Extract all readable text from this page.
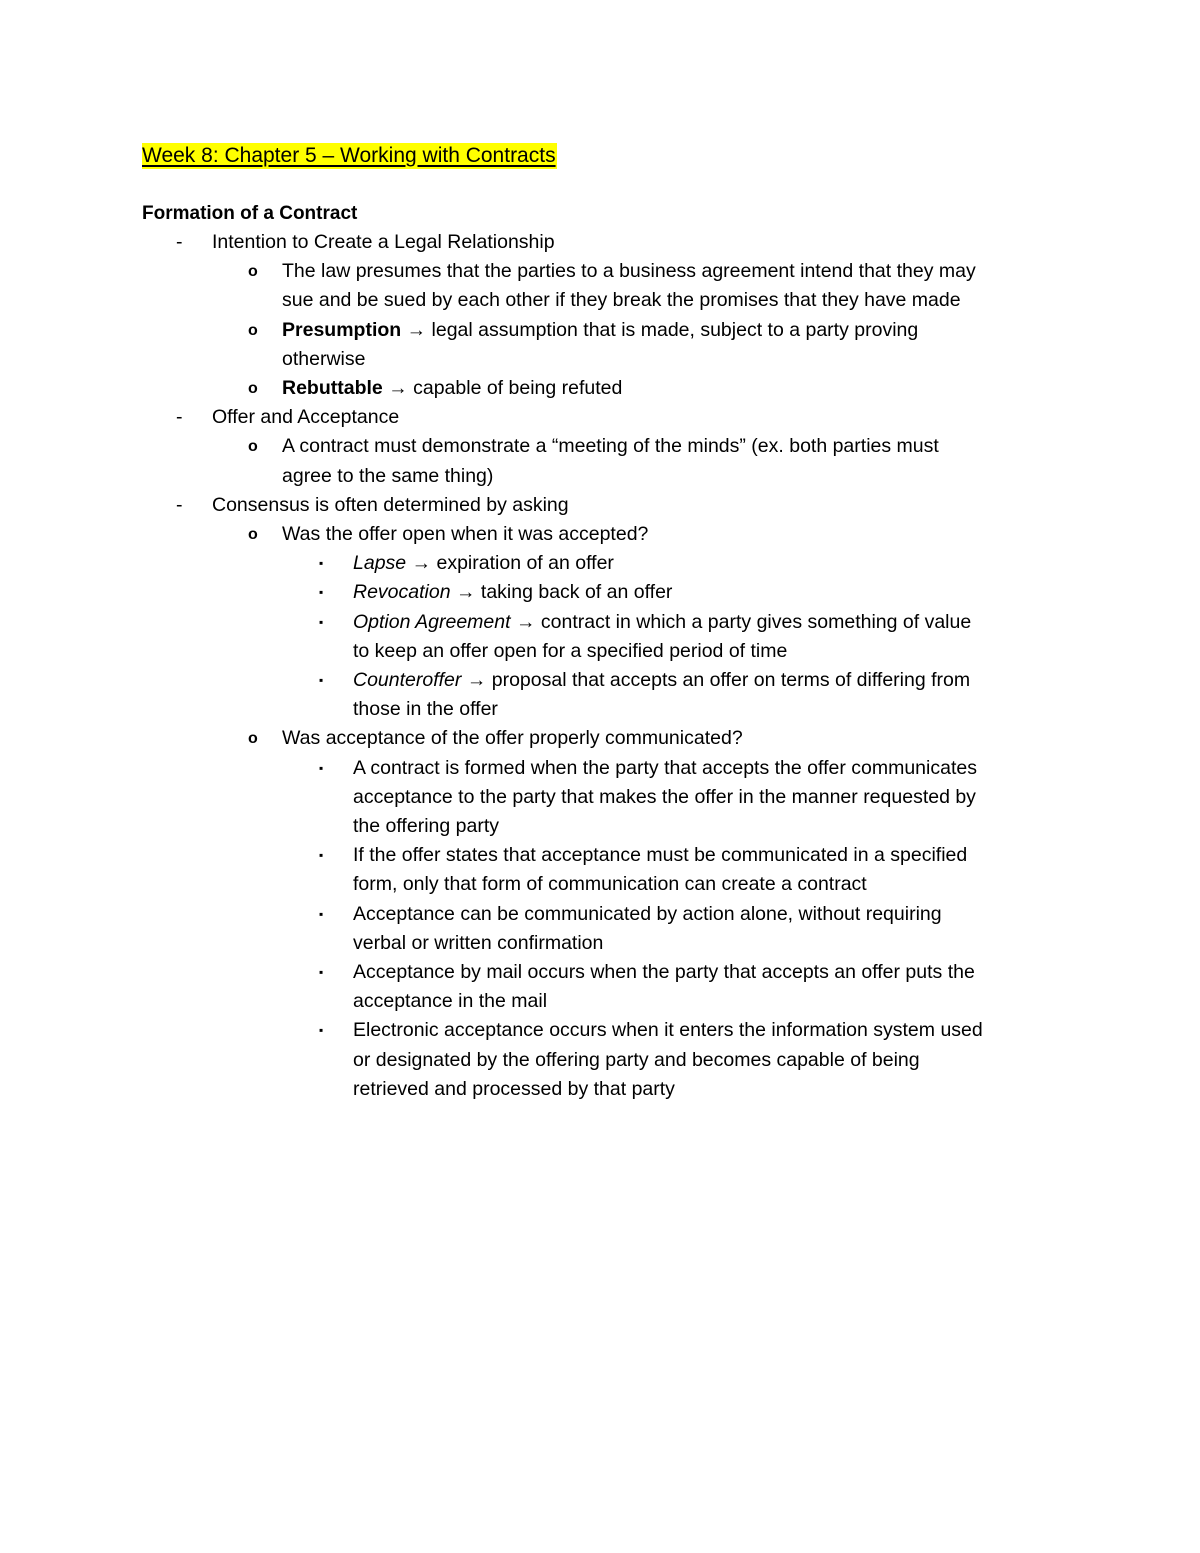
Week 8: Chapter 5 – Working with Contracts
Formation of a Contract
- Intention to Create a Legal Relationship
o The law presumes that the parties to a business agreement intend that they may
sue and be sued by each other if they break the promises that they have made
o Presumption → legal assumption that is made, subject to a party proving
otherwise
o Rebuttable → capable of being refuted
- Offer and Acceptance
o A contract must demonstrate a “meeting of the minds” (ex. both parties must
agree to the same thing)
- Consensus is often determined by asking
o Was the offer open when it was accepted?
▪ Lapse → expiration of an offer
▪ Revocation → taking back of an offer
▪ Option Agreement → contract in which a party gives something of value
to keep an offer open for a specified period of time
▪ Counteroffer → proposal that accepts an offer on terms of differing from
those in the offer
o Was acceptance of the offer properly communicated?
▪ A contract is formed when the party that accepts the offer communicates
acceptance to the party that makes the offer in the manner requested by
the offering party
▪ If the offer states that acceptance must be communicated in a specified
form, only that form of communication can create a contract
▪ Acceptance can be communicated by action alone, without requiring
verbal or written confirmation
▪ Acceptance by mail occurs when the party that accepts an offer puts the
acceptance in the mail
▪ Electronic acceptance occurs when it enters the information system used
or designated by the offering party and becomes capable of being
retrieved and processed by that party
